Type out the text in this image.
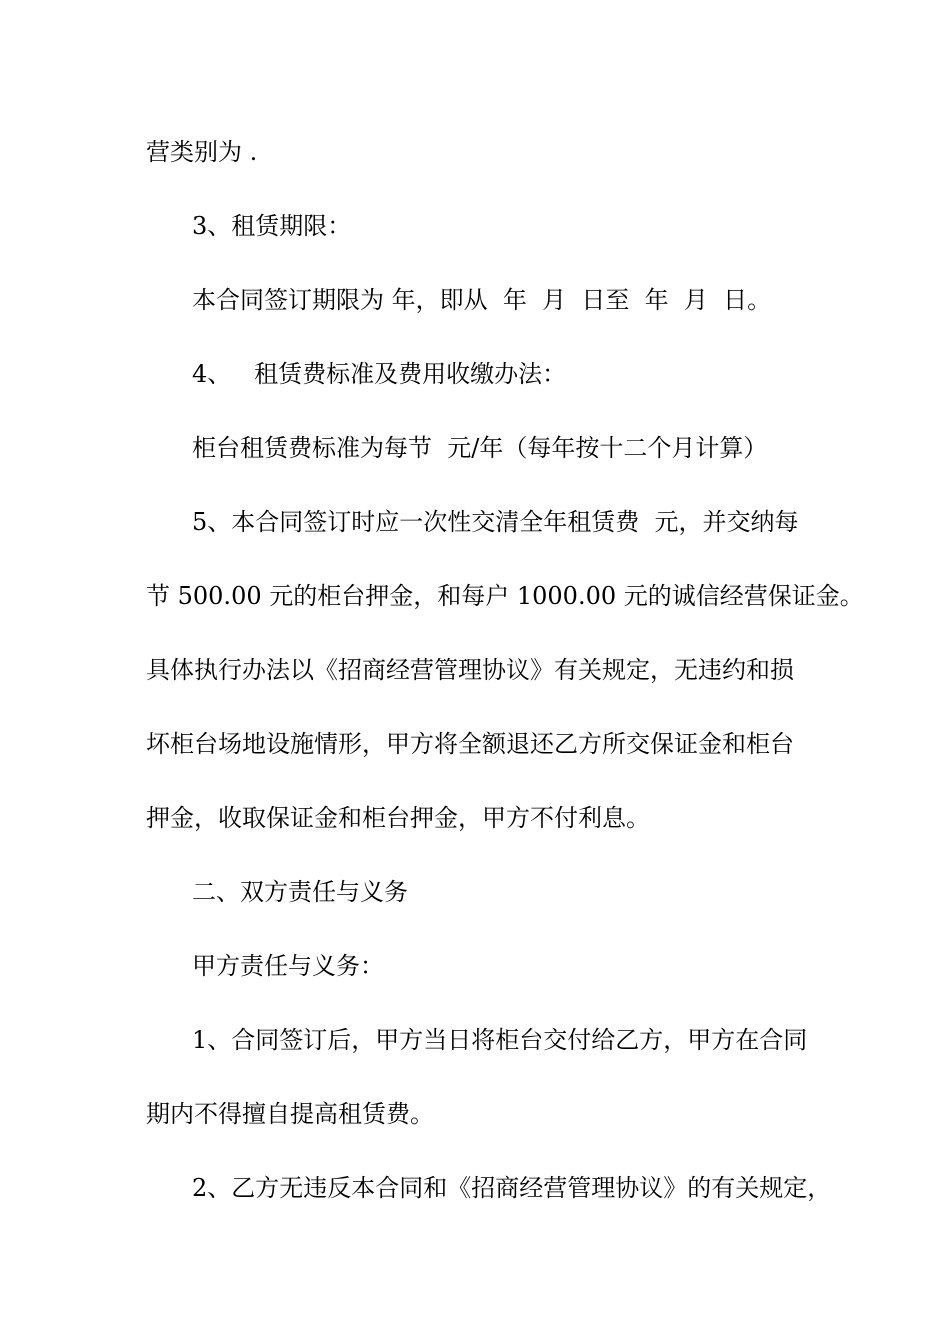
营类别为 .

3、租赁期限：

本合同签订期限为 年，即从  年  月  日至  年  月  日。

4、   租赁费标准及费用收缴办法：

柜台租赁费标准为每节  元/年（每年按十二个月计算）

5、本合同签订时应一次性交清全年租赁费  元，并交纳每

节 500.00 元的柜台押金，和每户 1000.00 元的诚信经营保证金。

具体执行办法以《招商经营管理协议》有关规定，无违约和损

坏柜台场地设施情形，甲方将全额退还乙方所交保证金和柜台

押金，收取保证金和柜台押金，甲方不付利息。

二、双方责任与义务

甲方责任与义务：

1、合同签订后，甲方当日将柜台交付给乙方，甲方在合同

期内不得擅自提高租赁费。

2、乙方无违反本合同和《招商经营管理协议》的有关规定，
